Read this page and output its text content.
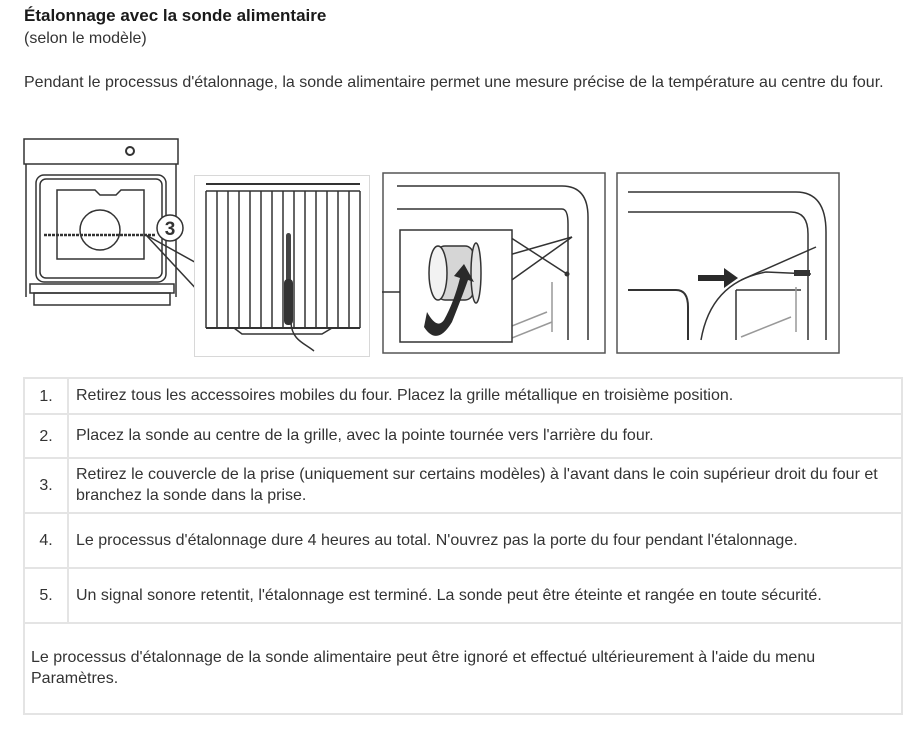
Étalonnage avec la sonde alimentaire
(selon le modèle)
Pendant le processus d'étalonnage, la sonde alimentaire permet une mesure précise de la température au centre du four.
3
1.	Retirez tous les accessoires mobiles du four. Placez la grille métallique en troisième position.
2.	Placez la sonde au centre de la grille, avec la pointe tournée vers l'arrière du four.
3.	Retirez le couvercle de la prise (uniquement sur certains modèles) à l'avant dans le coin supérieur droit du four et branchez la sonde dans la prise.
4.	Le processus d'étalonnage dure 4 heures au total. N'ouvrez pas la porte du four pendant l'étalonnage.
5.	Un signal sonore retentit, l'étalonnage est terminé. La sonde peut être éteinte et rangée en toute sécurité.
Le processus d'étalonnage de la sonde alimentaire peut être ignoré et effectué ultérieurement à l'aide du menu Paramètres.	
